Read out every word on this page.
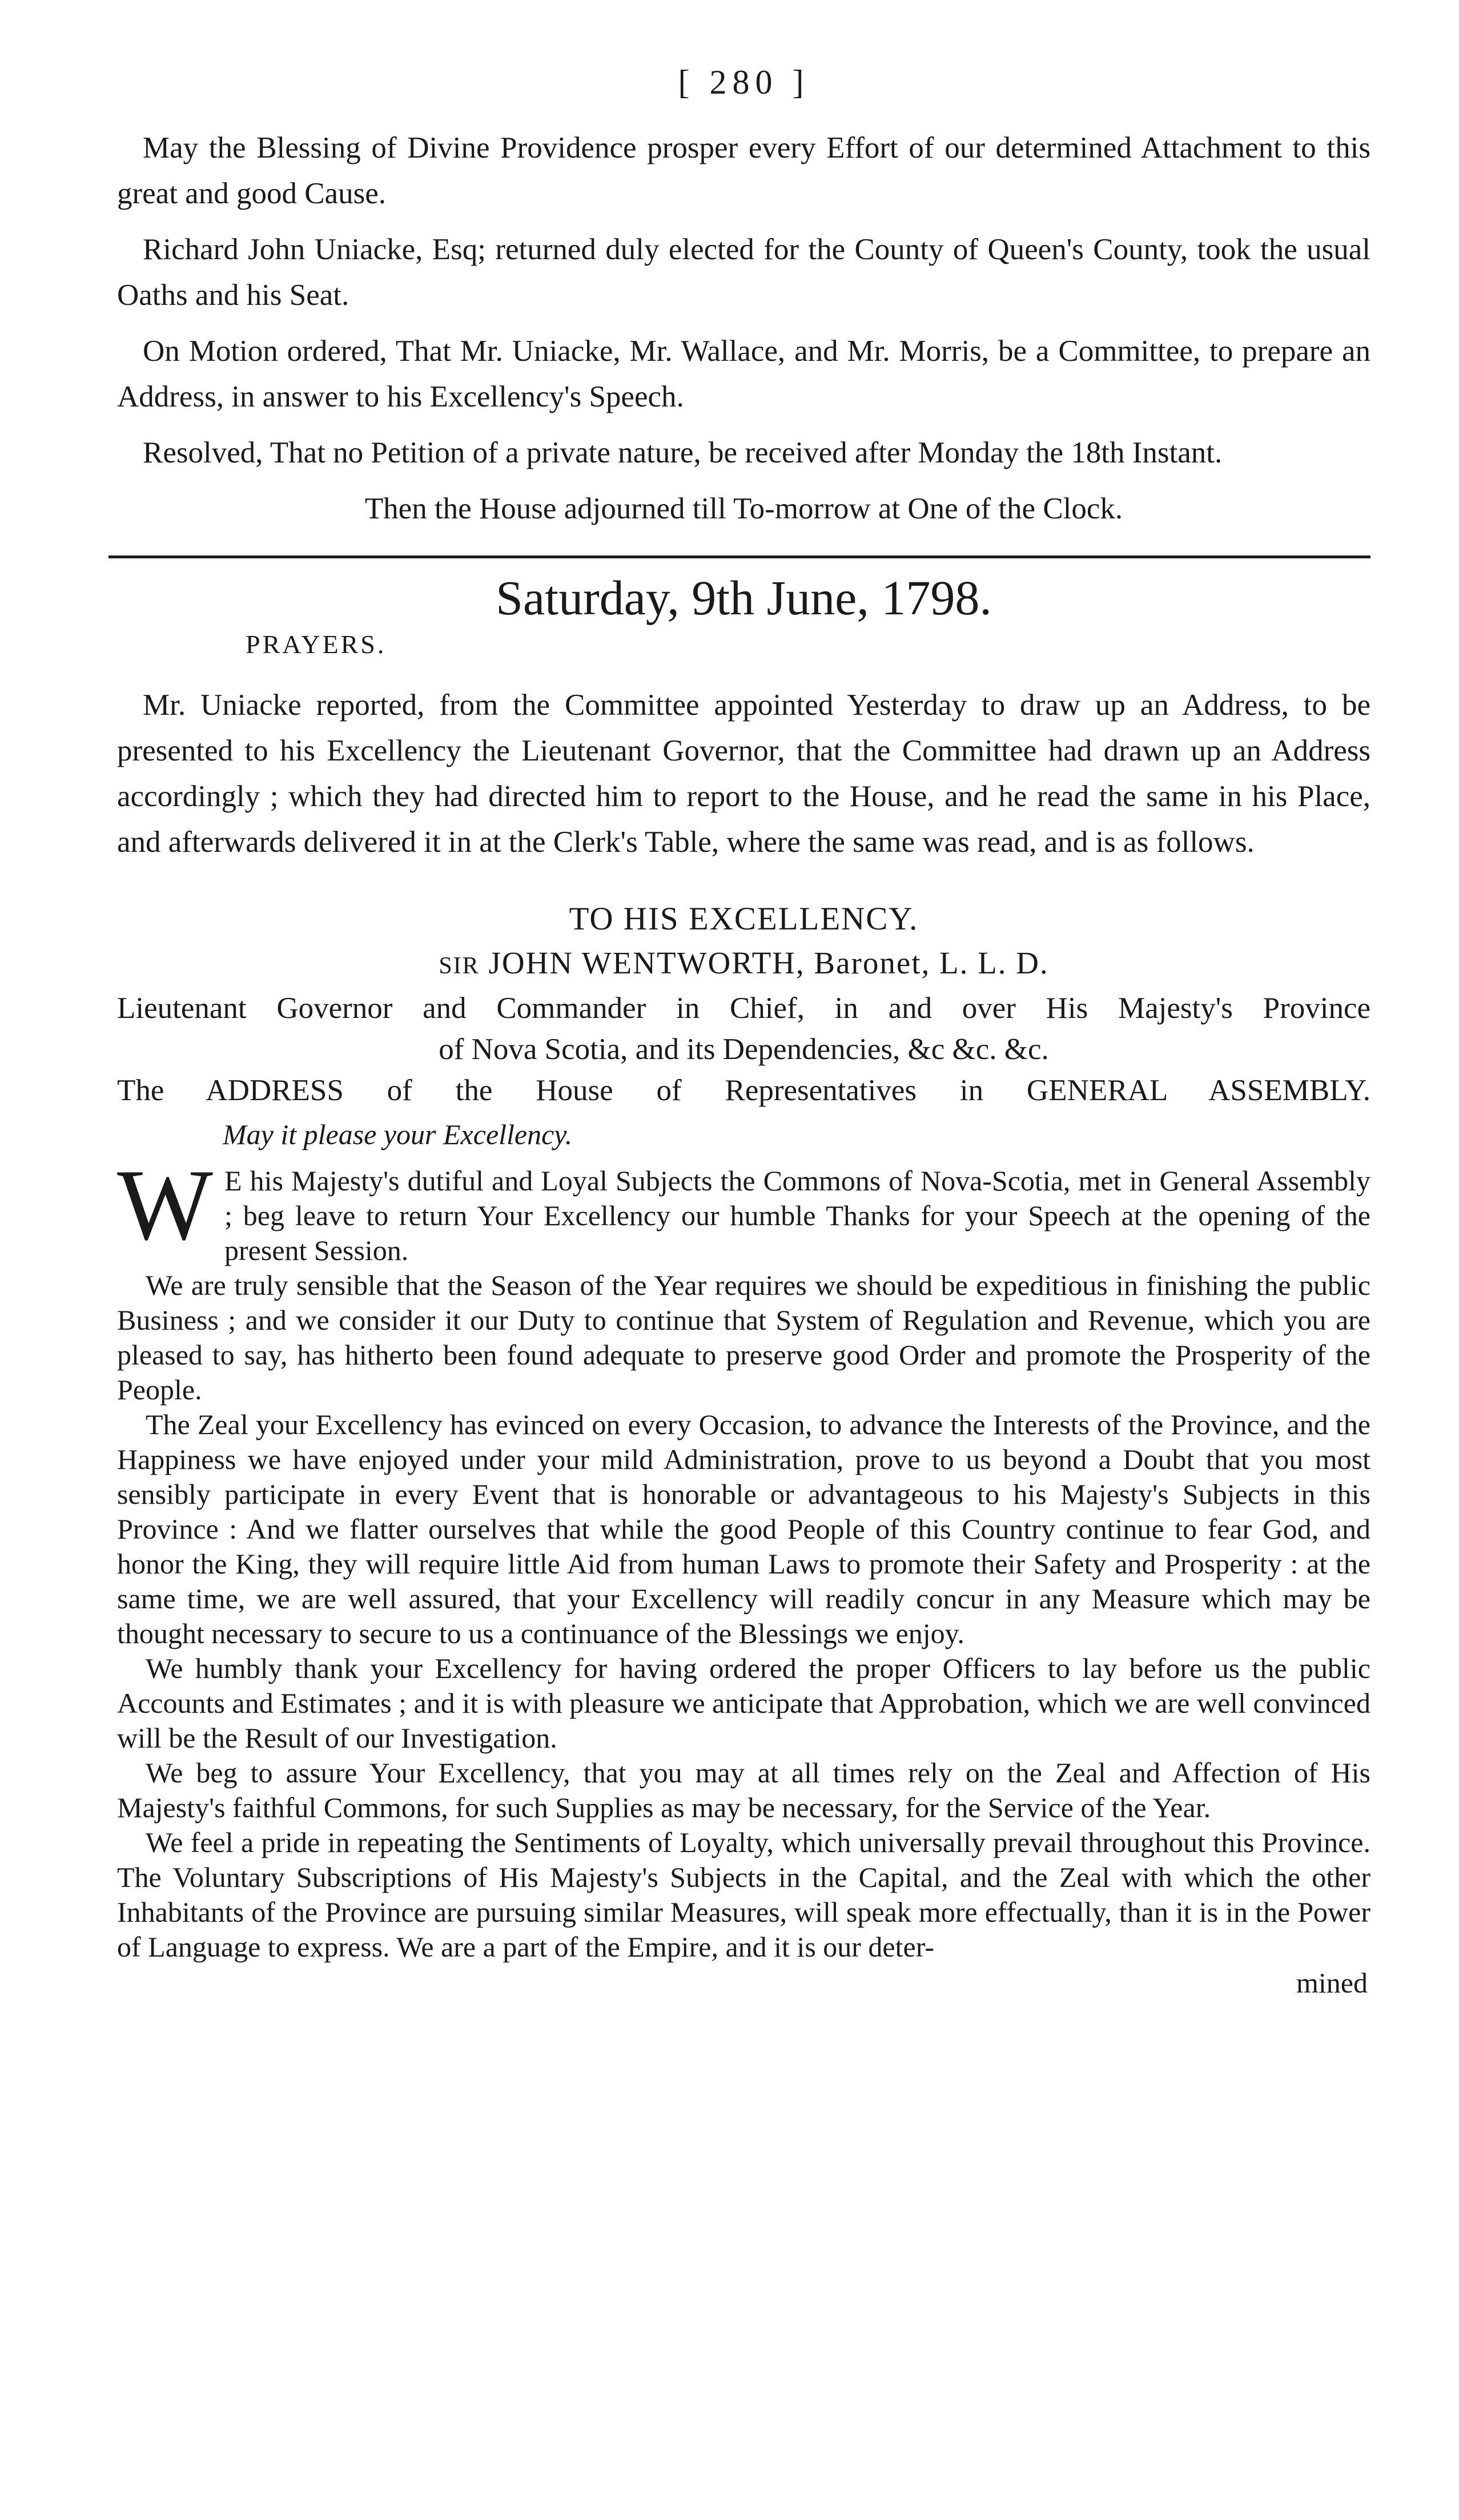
[ 280 ]

May the Blessing of Divine Providence prosper every Effort of our determined Attachment to this great and good Cause.

Richard John Uniacke, Esq; returned duly elected for the County of Queen's County, took the usual Oaths and his Seat.

On Motion ordered, That Mr. Uniacke, Mr. Wallace, and Mr. Morris, be a Committee, to prepare an Address, in answer to his Excellency's Speech.

Resolved, That no Petition of a private nature, be received after Monday the 18th Instant.

Then the House adjourned till To-morrow at One of the Clock.

Saturday, 9th June, 1798.
PRAYERS.

Mr. Uniacke reported, from the Committee appointed Yesterday to draw up an Address, to be presented to his Excellency the Lieutenant Governor, that the Committee had drawn up an Address accordingly ; which they had directed him to report to the House, and he read the same in his Place, and afterwards delivered it in at the Clerk's Table, where the same was read, and is as follows.

TO HIS EXCELLENCY.
SIR JOHN WENTWORTH, Baronet, L. L. D.
Lieutenant Governor and Commander in Chief, in and over His Majesty's Province
of Nova Scotia, and its Dependencies, &c &c. &c.
The ADDRESS of the House of Representatives in GENERAL ASSEMBLY.
May it please your Excellency.

W E his Majesty's dutiful and Loyal Subjects the Commons of Nova-Scotia, met in General Assembly ; beg leave to return Your Excellency our humble Thanks for your Speech at the opening of the present Session.

We are truly sensible that the Season of the Year requires we should be expeditious in finishing the public Business ; and we consider it our Duty to continue that System of Regulation and Revenue, which you are pleased to say, has hitherto been found adequate to preserve good Order and promote the Prosperity of the People.

The Zeal your Excellency has evinced on every Occasion, to advance the Interests of the Province, and the Happiness we have enjoyed under your mild Administration, prove to us beyond a Doubt that you most sensibly participate in every Event that is honorable or advantageous to his Majesty's Subjects in this Province : And we flatter ourselves that while the good People of this Country continue to fear God, and honor the King, they will require little Aid from human Laws to promote their Safety and Prosperity : at the same time, we are well assured, that your Excellency will readily concur in any Measure which may be thought necessary to secure to us a continuance of the Blessings we enjoy.

We humbly thank your Excellency for having ordered the proper Officers to lay before us the public Accounts and Estimates ; and it is with pleasure we anticipate that Approbation, which we are well convinced will be the Result of our Investigation.

We beg to assure Your Excellency, that you may at all times rely on the Zeal and Affection of His Majesty's faithful Commons, for such Supplies as may be necessary, for the Service of the Year.

We feel a pride in repeating the Sentiments of Loyalty, which universally prevail throughout this Province. The Voluntary Subscriptions of His Majesty's Subjects in the Capital, and the Zeal with which the other Inhabitants of the Province are pursuing similar Measures, will speak more effectually, than it is in the Power of Language to express. We are a part of the Empire, and it is our deter-

mined
